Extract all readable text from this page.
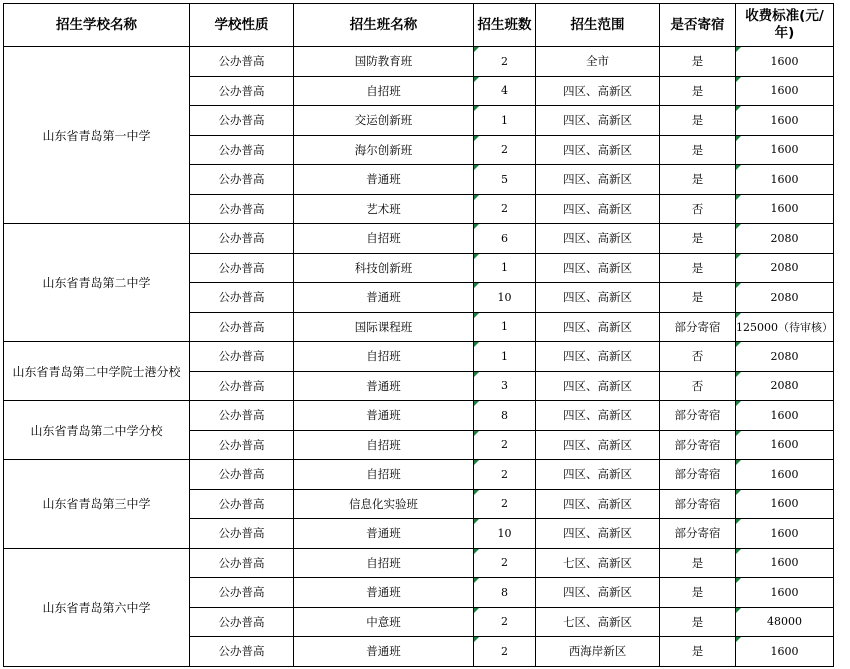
招生学校名称	学校性质	招生班名称	招生班数	招生范围	是否寄宿	收费标准(元/年)
山东省青岛第一中学	公办普高	国防教育班	2	全市	是	1600
	公办普高	自招班	4	四区、高新区	是	1600
	公办普高	交运创新班	1	四区、高新区	是	1600
	公办普高	海尔创新班	2	四区、高新区	是	1600
	公办普高	普通班	5	四区、高新区	是	1600
	公办普高	艺术班	2	四区、高新区	否	1600
山东省青岛第二中学	公办普高	自招班	6	四区、高新区	是	2080
	公办普高	科技创新班	1	四区、高新区	是	2080
	公办普高	普通班	10	四区、高新区	是	2080
	公办普高	国际课程班	1	四区、高新区	部分寄宿	125000（待审核）
山东省青岛第二中学院士港分校	公办普高	自招班	1	四区、高新区	否	2080
	公办普高	普通班	3	四区、高新区	否	2080
山东省青岛第二中学分校	公办普高	普通班	8	四区、高新区	部分寄宿	1600
	公办普高	自招班	2	四区、高新区	部分寄宿	1600
山东省青岛第三中学	公办普高	自招班	2	四区、高新区	部分寄宿	1600
	公办普高	信息化实验班	2	四区、高新区	部分寄宿	1600
	公办普高	普通班	10	四区、高新区	部分寄宿	1600
山东省青岛第六中学	公办普高	自招班	2	七区、高新区	是	1600
	公办普高	普通班	8	四区、高新区	是	1600
	公办普高	中意班	2	七区、高新区	是	48000
	公办普高	普通班	2	西海岸新区	是	1600
